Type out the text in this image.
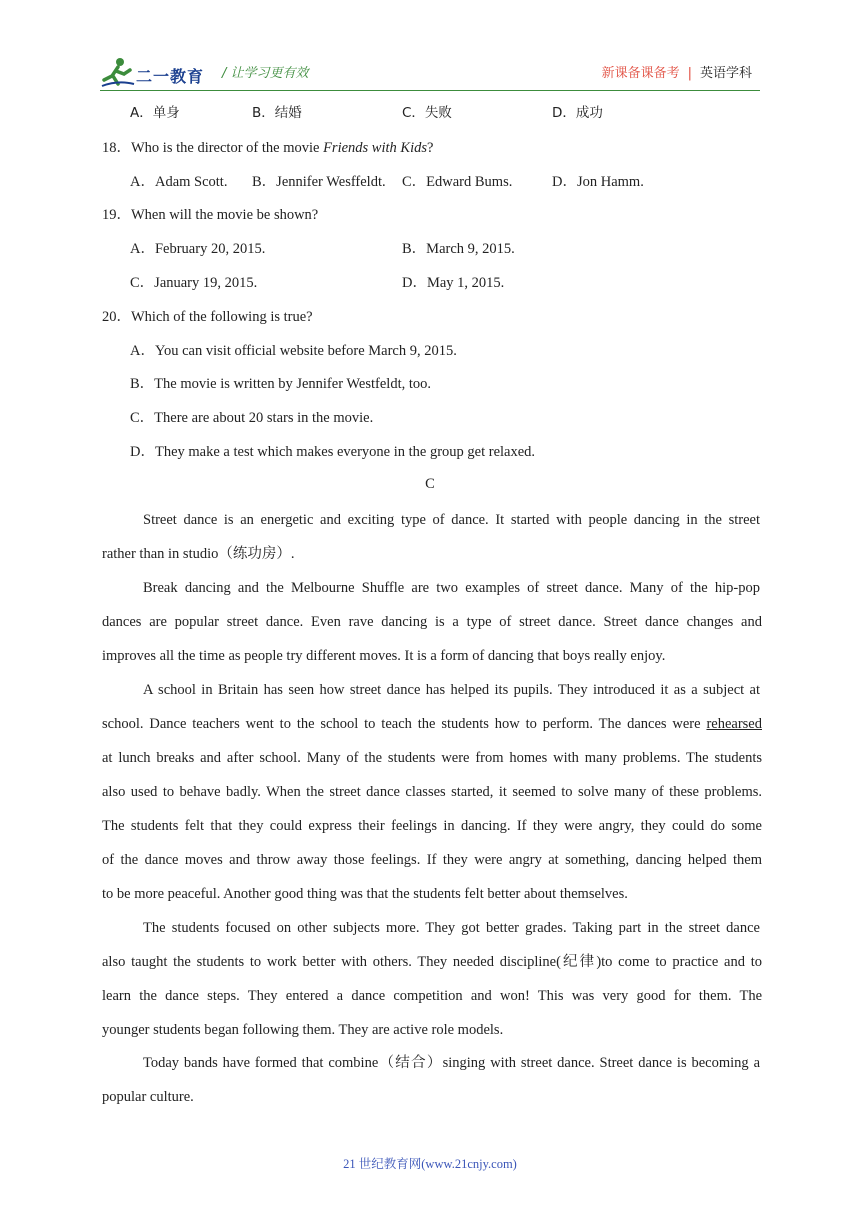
二一教育 / 让学习更有效	新课备课备考 | 英语学科
A．单身	B．结婚	C．失败	D．成功
18．Who is the director of the movie Friends with Kids?
A．Adam Scott. B．Jennifer Wesffeldt. C．Edward Bums.	D．Jon Hamm.
19．When will the movie be shown?
A．February 20, 2015.	B．March 9, 2015.
C．January 19, 2015.	D．May 1, 2015.
20．Which of the following is true?
A．You can visit official website before March 9, 2015.
B．The movie is written by Jennifer Westfeldt, too.
C．There are about 20 stars in the movie.
D．They make a test which makes everyone in the group get relaxed.
C
Street dance is an energetic and exciting type of dance. It started with people dancing in the street
rather than in studio（练功房）.
Break dancing and the Melbourne Shuffle are two examples of street dance. Many of the hip-pop
dances are popular street dance. Even rave dancing is a type of street dance. Street dance changes and
improves all the time as people try different moves. It is a form of dancing that boys really enjoy.
A school in Britain has seen how street dance has helped its pupils. They introduced it as a subject at
school. Dance teachers went to the school to teach the students how to perform. The dances were rehearsed
at lunch breaks and after school. Many of the students were from homes with many problems. The students
also used to behave badly. When the street dance classes started, it seemed to solve many of these problems.
The students felt that they could express their feelings in dancing. If they were angry, they could do some
of the dance moves and throw away those feelings. If they were angry at something, dancing helped them
to be more peaceful. Another good thing was that the students felt better about themselves.
The students focused on other subjects more. They got better grades. Taking part in the street dance
also taught the students to work better with others. They needed discipline(纪律)to come to practice and to
learn the dance steps. They entered a dance competition and won! This was very good for them. The
younger students began following them. They are active role models.
Today bands have formed that combine（结合）singing with street dance. Street dance is becoming a
popular culture.
21 世纪教育网(www.21cnjy.com)
